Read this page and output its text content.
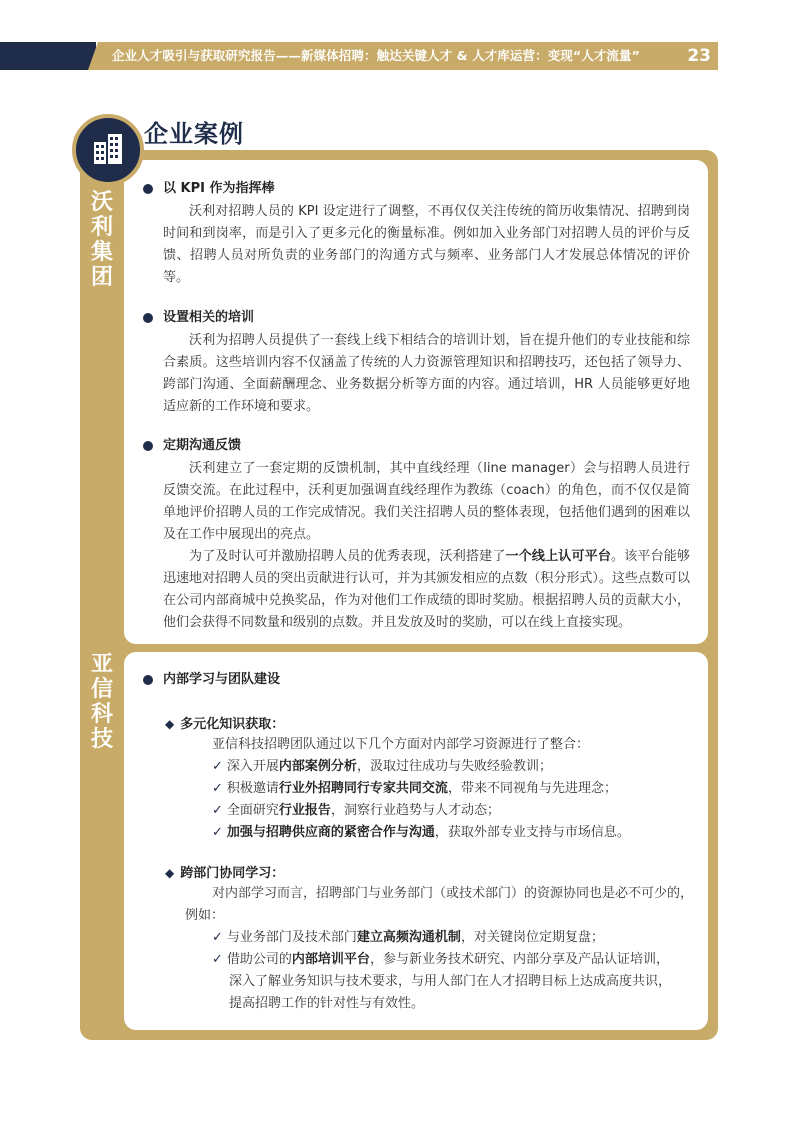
企业人才吸引与获取研究报告——新媒体招聘：触达关键人才 & 人才库运营：变现“人才流量”	23
企业案例
沃
利
集
团
亚
信
科
技
以 KPI 作为指挥棒
沃利对招聘人员的 KPI 设定进行了调整，不再仅仅关注传统的简历收集情况、招聘到岗时间和到岗率，而是引入了更多元化的衡量标准。例如加入业务部门对招聘人员的评价与反馈、招聘人员对所负责的业务部门的沟通方式与频率、业务部门人才发展总体情况的评价等。
设置相关的培训
沃利为招聘人员提供了一套线上线下相结合的培训计划，旨在提升他们的专业技能和综合素质。这些培训内容不仅涵盖了传统的人力资源管理知识和招聘技巧，还包括了领导力、跨部门沟通、全面薪酬理念、业务数据分析等方面的内容。通过培训，HR 人员能够更好地适应新的工作环境和要求。
定期沟通反馈
沃利建立了一套定期的反馈机制，其中直线经理（line manager）会与招聘人员进行反馈交流。在此过程中，沃利更加强调直线经理作为教练（coach）的角色，而不仅仅是简单地评价招聘人员的工作完成情况。我们关注招聘人员的整体表现，包括他们遇到的困难以及在工作中展现出的亮点。
为了及时认可并激励招聘人员的优秀表现，沃利搭建了一个线上认可平台。该平台能够迅速地对招聘人员的突出贡献进行认可，并为其颁发相应的点数（积分形式）。这些点数可以在公司内部商城中兑换奖品，作为对他们工作成绩的即时奖励。根据招聘人员的贡献大小，他们会获得不同数量和级别的点数。并且发放及时的奖励，可以在线上直接实现。
内部学习与团队建设
◆ 多元化知识获取：
亚信科技招聘团队通过以下几个方面对内部学习资源进行了整合：
✓ 深入开展内部案例分析，汲取过往成功与失败经验教训；
✓ 积极邀请行业外招聘同行专家共同交流，带来不同视角与先进理念；
✓ 全面研究行业报告，洞察行业趋势与人才动态；
✓ 加强与招聘供应商的紧密合作与沟通，获取外部专业支持与市场信息。
◆ 跨部门协同学习：
对内部学习而言，招聘部门与业务部门（或技术部门）的资源协同也是必不可少的，
例如：
✓ 与业务部门及技术部门建立高频沟通机制，对关键岗位定期复盘；
✓ 借助公司的内部培训平台，参与新业务技术研究、内部分享及产品认证培训，
深入了解业务知识与技术要求，与用人部门在人才招聘目标上达成高度共识，
提高招聘工作的针对性与有效性。
